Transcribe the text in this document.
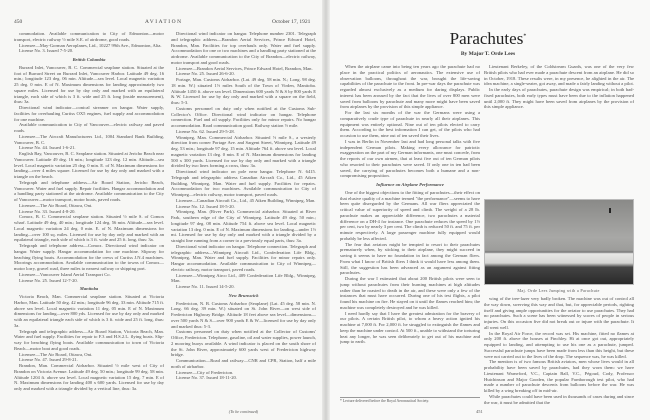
450	AVIATION	October 17, 1921

commodation. Available communication to City of Edmonton—motor transport, electric railway ½ mile S.E. of airdrome, good roads.

Licensee—May-Gorman Aeroplanes, Ltd., 10227 99th Ave., Edmonton, Alta.

License No. 3. Issued 7-5-20.

British Columbia

Burrard Inlet, Vancouver, B. C. Commercial seaplane station. Situated at the foot of Burrard Street on Burrard Inlet, Vancouver Harbor. Latitude 49 deg. 16 min.; longitude 123 deg. 06 min. Altitude—sea level. Local magnetic variation 25 deg. 0 min. E of N. Maximum dimensions for landing approximately two square miles. Licensed for use by day only and marked with an equilateral triangle, each side of which is 3 ft. wide and 25 ft. long (inside measurement), thus: 3a.

Directional wind indicator—conical streamer on hangar. Water supply, facilities for overhauling Curtiss OX5 engines, fuel supply and accommodation for one machine.

Available communication to City of Vancouver—electric railway and paved roads.

Licensee—The Aircraft Manufacturers Ltd., 1004 Standard Bank Building, Vancouver, B. C.

License No. 44. Issued 1-6-21.

English Bay, Vancouver, B. C. Seaplane station. Situated at Jericho Beach near Vancouver. Latitude 49 deg. 16 min.; longitude 123 deg. 12 min. Altitude—sea level. Local magnetic variation 25 deg. 0 min. E. of N. Maximum dimensions for landing—over 4 miles square. Licensed for use by day only and marked with a triangle on the beach.

Telegraph and telephone address—Air Board Station, Jericho Beach, Vancouver. Water and fuel supply. Repair facilities. Hangar accommodation and a handling party stationed at the airdrome. Available communication to the City of Vancouver—motor transport, motor boats, paved roads.

Licensee—The Air Board, Ottawa, Ont.

License No. 33. Issued 4-8-20.

Comox, B. C. Commercial seaplane station. Situated ½ mile S. of Comox wharf. Latitude 49 deg. 40 min.; longitude 124 deg. 56 min. Altitude—sea level. Local magnetic variation 24 deg. 0 min. E. of N. Maximum dimensions for landing—over 100 sq. miles. Licensed for use by day only and marked with an equilateral triangle, each side of which is 3 ft. wide and 25 ft. long, thus: 3a.

Telegraph and telephone address—Comox. Directional wind indicator on hangar. Water supply. Hangar accommodation for one machine. Slipway for beaching flying boats. Accommodation for the crews of Curtiss J.N.4 machines. Moorings accommodation. Available communication to the towns of Comox—motor lorry, gravel road, three miles to nearest railway or shipping port.

Licensee—Vancouver Island Aerial Transport Co.

License No. 25. Issued 12-7-20.

Manitoba

Victoria Beach, Man. Commercial seaplane station. Situated at Victoria Harbor, Man. Latitude 50 deg. 42 min.; longitude 96 deg. 33 min. Altitude 715 ft. above sea level. Local magnetic variation 11 deg. 05 min. E of N. Maximum dimensions for landing—over 800 yds. Licensed for use by day only and marked with an equilateral triangle each side of which is 3 ft. wide and 25 ft. long, thus: 3a.

Telegraph and telegraphic address—Air Board Station, Victoria Beach, Man. Water and fuel supply. Facilities for repair to F.3 and H.S.2.L. flying boats. Slip-way for beaching flying boats. Available communication to town of Victoria Beach—motor boat and good roads.

Licensee—The Air Board, Ottawa, Ont.

License No. 47. Issued 29-8-21.

Brandon, Man. Commercial Airharbor. Situated ½ mile west of City of Brandon on Victoria Avenue. Latitude 49 deg. 50 min.; longitude 99 deg. 58 min. Altitude 1204 ft. above sea level. Local magnetic variation 15 deg. 7 min. E of N. Maximum dimensions for landing 400 x 600 yards. Licensed for use by day only and marked with a triangle divided by a vertical line, thus: 3a.

Directional wind indicator on hangar. Telephone number 2301. Telegraph and telegraphic address—Brandon Aerial Services, Prince Edward Hotel, Brandon, Man. Facilities for top overhauls only. Water and fuel supply. Accommodation for one or two machines and a handling party stationed at the airdrome. Available communication to the City of Brandon—electric railway, motor transport and good roads.

Licensee—Brandon Aerial Services, Prince Edward Hotel, Brandon, Man.

License No. 25. Issued 26-6-20.

Portage, Man. Customs Airharbor. (Lat. 49 deg. 58 min. N.; Long. 98 deg. 18 min. W.) situated 1½ miles South of the Town of Virden, Manitoba. Altitude 1450 ft. above sea level. Dimensions 600 yards N & S by 800 yards E & W. Licensed for use by day only and marked with a square on the field, thus: 5-3.

Customs personnel on duty only when notified at the Customs Sub-Collector's Office. Directional wind indicator on hangar. Telephone connection. Fuel and oil supply. Facilities only for minor repairs. No hangar accommodation. Road communication good. Railway station ½ mile.

License No. 62. Issued 29-5-28.

Winnipeg, Man. Commercial Airharbor. Situated ½ mile S., a westerly direction from corner Portage Ave. and Sargent Street, Winnipeg. Latitude 49 deg. 53 min.; longitude 97 deg. 15 min. Altitude 764 ft. above sea level. Local magnetic variation 13 deg. 0 min. E of N. Maximum dimensions for landing 500 x 300 yards. Licensed for use by day only and marked with a triangle divided by two lines forming a cross, thus: 3a.

Directional wind indicator on pole near hangar. Telephone N. 6415. Telegraph and telegraphic address Canadian Aircraft Co., Ltd., 45 Aiken Building, Winnipeg, Man. Water and fuel supply. Facilities for repairs. Accommodation for two machines. Available communication to City of Winnipeg—electric railway, motor transport, paved roads.

Licensee—Canadian Aircraft Co., Ltd., 45 Aiken Building, Winnipeg, Man.

License No. 12. Issued 18-5-20.

Winnipeg, Man. (River Park). Commercial airharbor. Situated at River Park, southern edge of the City of Winnipeg. Latitude 49 deg. 50 min.; longitude 97 deg. 08 min. Altitude 754 ft. above sea level. Local magnetic variation 13 deg. 0 min. E of N. Maximum dimensions for landing—under 1½ mi. Licensed for use by day only and marked with a triangle divided by a straight line running from a corner to a previously equal parts, thus: 3a.

Directional wind indicator on hangar. Telephone connection. Telegraph and telegraphic address—Winnipeg Aircraft Ltd., Confederation Life Bldg., Winnipeg, Man. Water and fuel supply. Facilities for minor repairs only. Hangar accommodation. Available communication to City of Winnipeg—electric railway, motor transport, paved roads.

Licensee—Winnipeg Airco Ltd., 409 Confederation Life Bldg., Winnipeg, Man.

License No. 11. Issued 14-5-20.

New Brunswick

Fredericton, N. B. Customs Airharbor (Seaplane) (Lat. 45 deg. 58 min. N. Long. 66 deg. 39 min. W.) situated on St. John River—on west side of Fredericton Highway Bridge. Altitude 18 feet above sea level—dimensions—over 500 yards N & S—over 900 yards E & W—licensed for use by day only and marked thus: 5-3.

Customs personnel on duty when notified at the Collector of Customs' Office, Fredericton. Telephone, gasoline, oil and water supplies, power launch, 2 mooring buoys available. A wind indicator is placed on the south shore of the St. John River, approximately 600 yards west of Fredericton highway bridge.

Communication—Road and railway—CNR and CPR, Station, half a mile north of airharbor.

Licensee—City of Fredericton.

License No. 37. Issued 18-11-20.

(To be continued)
Parachutes*
By Major T. Orde Lees

When the airplane came into being ten years ago the parachute had no place in the practical politics of aeronautics. The extensive use of observation balloons, throughout the war, brought the life-saving capabilities of the parachute to the front. In pre-war days the parachute was regarded almost exclusively as a medium for daring displays. Public interest has been aroused by the fact that the lives of over 800 men were saved from balloons by parachute and many more might have been saved from airplanes by the provision of this simple appliance.

For the last six months of the war the Germans were using a comparatively crude type of parachute in nearly all their airplanes. This equipment was entirely optional. Nine out of ten pilots elected to carry them. According to the best information I can get, of the pilots who had occasion to use them, nine out of ten saved their lives.

I was in Berlin in November last and had long personal talks with five independent German pilots. Making every allowance for patriotic exaggeration on the part of my German informants, one must concede, from the reports of our own airmen, that at least five out of ten German pilots who resorted to their parachutes were saved. If only one in ten had been saved, the carrying of parachutes becomes both a humane and a non-compromising proposition.

Influence on Airplane Performance

One of the biggest objections to the fitting of parachutes—their effect on that elusive quality of a machine termed "the performance"—seems to have been quite disregarded by the Germans. All war fliers appreciated the critical value of superiority of speed and climb. The weight of a 28 lb. parachute makes an appreciable difference, two parachutes a material difference on a DH-4 for instance. One parachute reduces the speed by 1½ per cent, two by nearly 3 per cent. The climb is reduced 50 ft. and 75 ft. per minute respectively. A large passenger machine fully equipped would probably be less affected.

The fear that aviators might be tempted to resort to their parachutes prematurely when, by sticking to their airplane, they might succeed in saving it seems to have no foundation in fact among the German fliers. From what I know of British fliers I think it would have less among them. Still, the suggestion has been advanced as an argument against fitting parachutes.

During the war I estimated that about 200 British pilots were seen to jump without parachutes from their burning machines at high altitudes rather than be roasted to death in the air, and these were only a few of the instances that must have occurred. During one of his test flights, a pilot found his machine on fire. He stayed on it until the flames reached him; the machine was completely destroyed and he was killed.

I need hardly say that I have the greatest admiration for the bravery of our pilots. A certain British pilot, to whom a heavy action ignited his machine at 7,000 ft. For 2,000 ft. he struggled to extinguish the flames and keep the machine under control. At 500 ft., unable to withstand the torturing heat any longer, he was seen deliberately to get out of his machine and jump to earth.

Lieutenant Berkeley, of the Coldstream Guards, was one of the very few British pilots who had ever made a parachute descent from an airplane. He did so in October, 1918. These results were, in my presence, he alighted in the air. The idea machine, a single-seater, got away, and made a fairly landing without a pilot.

In the early days of parachutes, parachute design was empirical; in both bad-fixed parachutes, both early types must have been due to the inflation happened until 2,000 ft. They might have been saved from airplanes by the provision of this simple appliance.

Maj. Orde Lees Jumping with a Parachute

wing of the tree-lazer very badly broken. The machine was out of control all the way down, swerving this way and that, but, for appreciable periods, righting itself and giving ample opportunities for the aviator to use parachutes. They had no parachutes. Such a scene has been witnessed by scores of people in serious injuries. On this occasion five did not break out or injure with the parachute. It all went well.

In the Royal Air Force, the record was set. His machine, fitted no flames at only 200 ft. above the houses at Finchley. Hi at once got out, appropriately equipped to landing, and attempting to use his one as a parachute, jumped. Successful parachute jumps have been made from less than this height, but these were not carried out to the lives of the drop. The sequence was, he was killed.

The mention is of two famous British aviators, men whose lives would in all probability have been saved by parachutes, had they worn them: we have Lieutenant Warneford, V.C., Captain Ball, V.C., Pégoud, Cody, Professor Hutchinson and Major Gooden, the popular Farnborough test pilot, who had made a number of parachute descents from balloons before the war. He was killed by a wing breaking off in mid-air.

While parachutes could have been used in thousands of cases during and since the war, it must be admitted that the

* Lecture delivered before the Royal Aeronautical Society.
451
